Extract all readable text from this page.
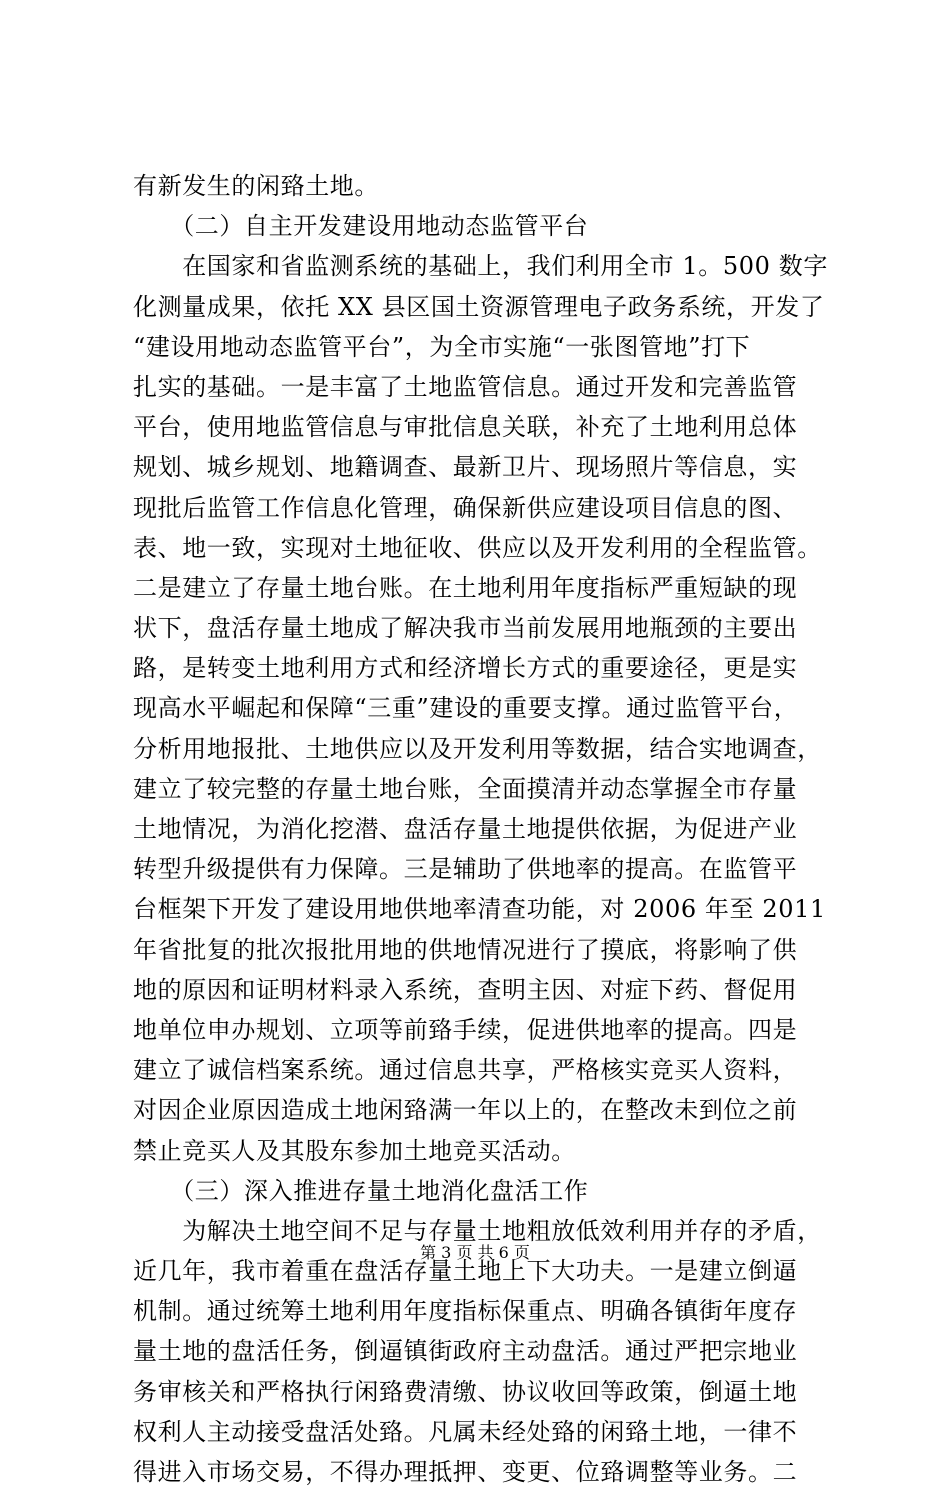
有新发生的闲臵土地。
　　（二）自主开发建设用地动态监管平台
　　在国家和省监测系统的基础上，我们利用全市 1。500 数字
化测量成果，依托 XX 县区国土资源管理电子政务系统，开发了
“建设用地动态监管平台”，为全市实施“一张图管地”打下
扎实的基础。一是丰富了土地监管信息。通过开发和完善监管
平台，使用地监管信息与审批信息关联，补充了土地利用总体
规划、城乡规划、地籍调查、最新卫片、现场照片等信息，实
现批后监管工作信息化管理，确保新供应建设项目信息的图、
表、地一致，实现对土地征收、供应以及开发利用的全程监管。
二是建立了存量土地台账。在土地利用年度指标严重短缺的现
状下，盘活存量土地成了解决我市当前发展用地瓶颈的主要出
路，是转变土地利用方式和经济增长方式的重要途径，更是实
现高水平崛起和保障“三重”建设的重要支撑。通过监管平台，
分析用地报批、土地供应以及开发利用等数据，结合实地调查，
建立了较完整的存量土地台账，全面摸清并动态掌握全市存量
土地情况，为消化挖潜、盘活存量土地提供依据，为促进产业
转型升级提供有力保障。三是辅助了供地率的提高。在监管平
台框架下开发了建设用地供地率清查功能，对 2006 年至 2011
年省批复的批次报批用地的供地情况进行了摸底，将影响了供
地的原因和证明材料录入系统，查明主因、对症下药、督促用
地单位申办规划、立项等前臵手续，促进供地率的提高。四是
建立了诚信档案系统。通过信息共享，严格核实竞买人资料，
对因企业原因造成土地闲臵满一年以上的，在整改未到位之前
禁止竞买人及其股东参加土地竞买活动。
　　（三）深入推进存量土地消化盘活工作
　　为解决土地空间不足与存量土地粗放低效利用并存的矛盾，
近几年，我市着重在盘活存量土地上下大功夫。一是建立倒逼
机制。通过统筹土地利用年度指标保重点、明确各镇街年度存
量土地的盘活任务，倒逼镇街政府主动盘活。通过严把宗地业
务审核关和严格执行闲臵费清缴、协议收回等政策，倒逼土地
权利人主动接受盘活处臵。凡属未经处臵的闲臵土地，一律不
得进入市场交易，不得办理抵押、变更、位臵调整等业务。二
第 3 页 共 6 页
